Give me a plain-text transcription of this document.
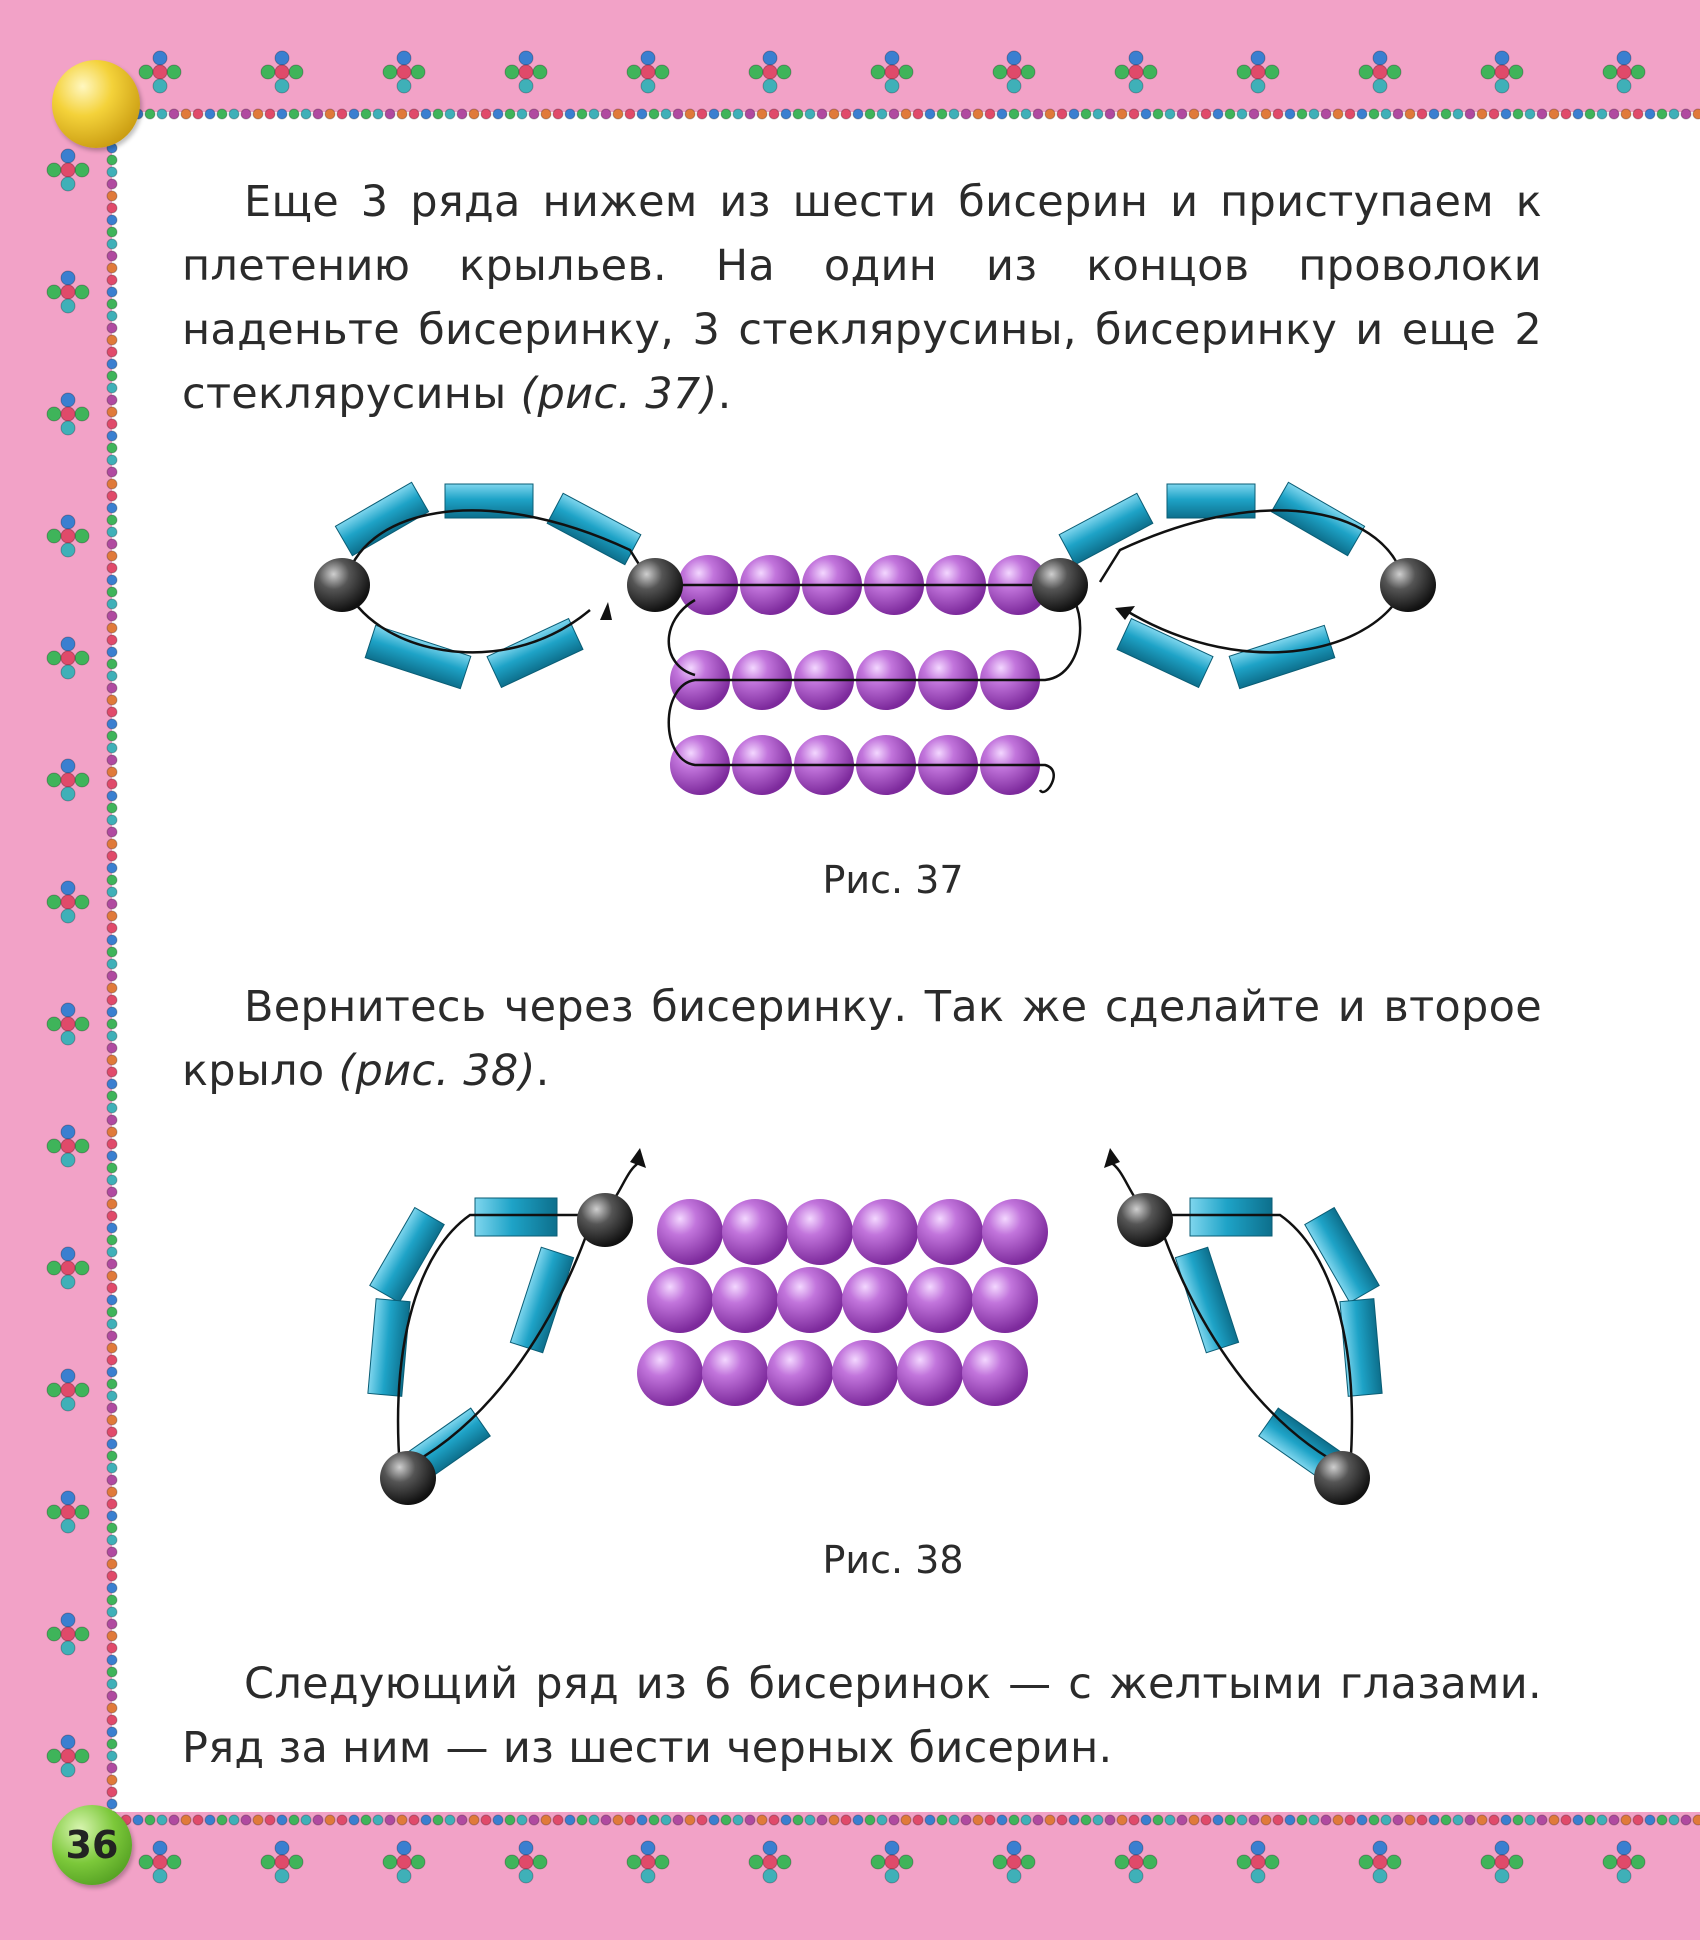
36
Еще 3 ряда нижем из шести бисерин и приступаем к плетению крыльев. На один из концов проволоки наденьте бисеринку, 3 стеклярусины, бисеринку и еще 2 стеклярусины (рис. 37).
Рис. 37
Вернитесь через бисеринку. Так же сделайте и второе крыло (рис. 38).
Рис. 38
Следующий ряд из 6 бисеринок — с желтыми глазами. Ряд за ним — из шести черных бисерин.
